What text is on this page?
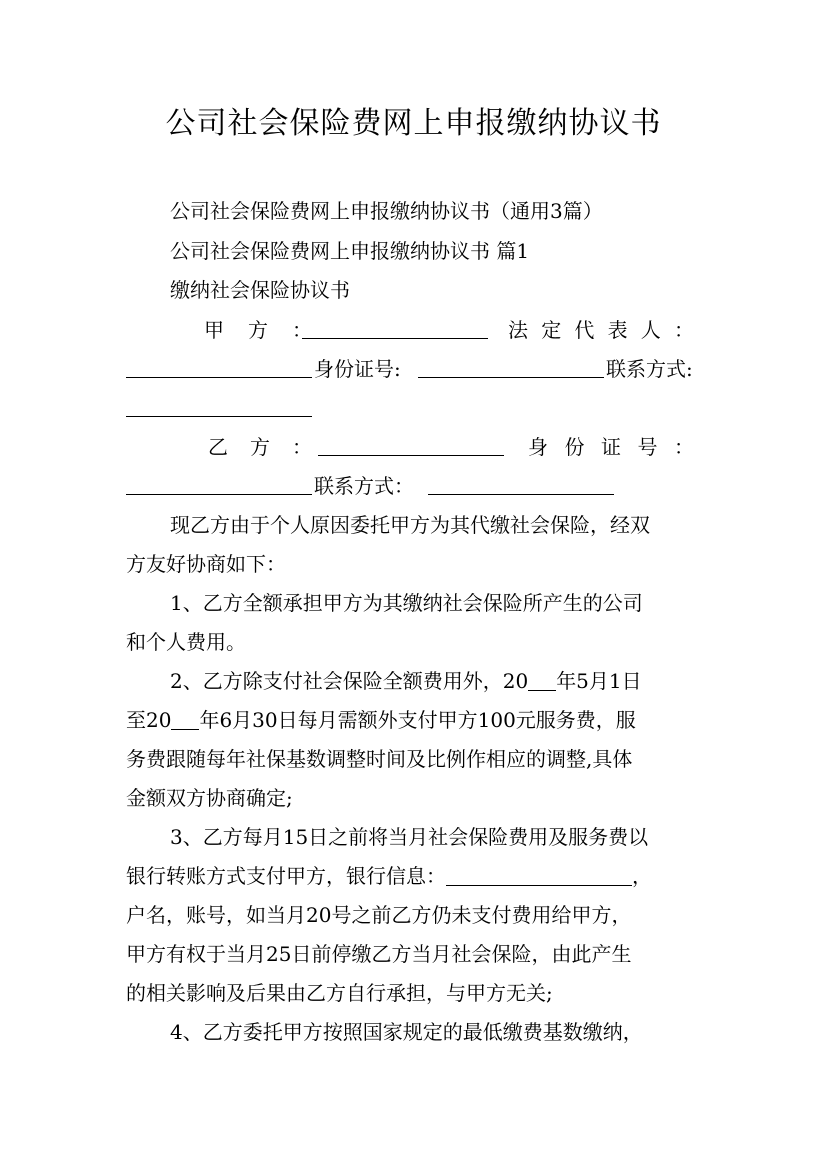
公司社会保险费网上申报缴纳协议书
公司社会保险费网上申报缴纳协议书（通用3篇）
公司社会保险费网上申报缴纳协议书 篇1
缴纳社会保险协议书
甲 方 ：	法 定 代 表 人 ：
身份证号:	联系方式:
乙 方 ：	身 份 证 号 ：
联系方式：
现乙方由于个人原因委托甲方为其代缴社会保险，经双
方友好协商如下：
1、乙方全额承担甲方为其缴纳社会保险所产生的公司
和个人费用。
2、乙方除支付社会保险全额费用外，20 年5月1日
至20 年6月30日每月需额外支付甲方100元服务费，服
务费跟随每年社保基数调整时间及比例作相应的调整,具体
金额双方协商确定;
3、乙方每月15日之前将当月社会保险费用及服务费以
银行转账方式支付甲方，银行信息：	，
户名，账号，如当月20号之前乙方仍未支付费用给甲方，
甲方有权于当月25日前停缴乙方当月社会保险，由此产生
的相关影响及后果由乙方自行承担，与甲方无关;
4、乙方委托甲方按照国家规定的最低缴费基数缴纳，
